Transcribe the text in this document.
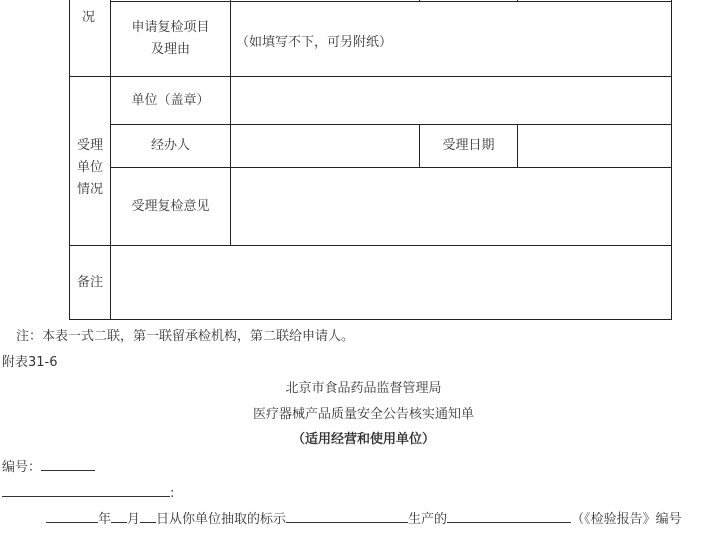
况
申请复检项目
及理由	（如填写不下，可另附纸）
受理
单位
情况
单位（盖章）
经办人	受理日期
受理复检意见
备注
注：本表一式二联，第一联留承检机构，第二联给申请人。
附表31-6
北京市食品药品监督管理局
医疗器械产品质量安全公告核实通知单
（适用经营和使用单位）
编号：
:
年 月 日从你单位抽取的标示	生产的	（《检验报告》编号
